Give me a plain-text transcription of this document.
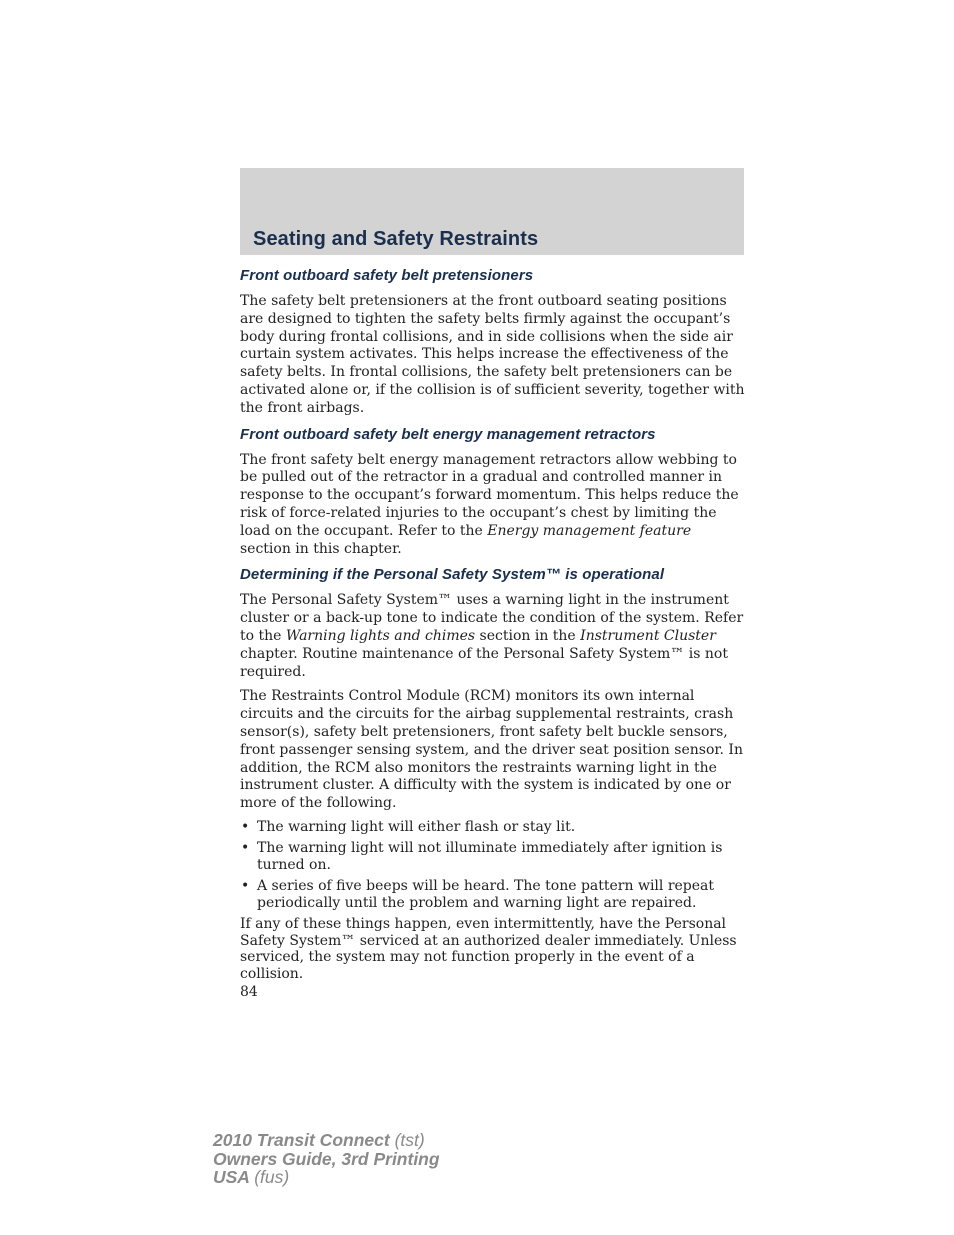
Seating and Safety Restraints
Front outboard safety belt pretensioners

The safety belt pretensioners at the front outboard seating positions are designed to tighten the safety belts firmly against the occupant’s body during frontal collisions, and in side collisions when the side air curtain system activates. This helps increase the effectiveness of the safety belts. In frontal collisions, the safety belt pretensioners can be activated alone or, if the collision is of sufficient severity, together with the front airbags.

Front outboard safety belt energy management retractors

The front safety belt energy management retractors allow webbing to be pulled out of the retractor in a gradual and controlled manner in response to the occupant’s forward momentum. This helps reduce the risk of force-related injuries to the occupant’s chest by limiting the load on the occupant. Refer to the Energy management feature section in this chapter.

Determining if the Personal Safety System™ is operational

The Personal Safety System™ uses a warning light in the instrument cluster or a back-up tone to indicate the condition of the system. Refer to the Warning lights and chimes section in the Instrument Cluster chapter. Routine maintenance of the Personal Safety System™ is not required.

The Restraints Control Module (RCM) monitors its own internal circuits and the circuits for the airbag supplemental restraints, crash sensor(s), safety belt pretensioners, front safety belt buckle sensors, front passenger sensing system, and the driver seat position sensor. In addition, the RCM also monitors the restraints warning light in the instrument cluster. A difficulty with the system is indicated by one or more of the following.

• The warning light will either flash or stay lit.
• The warning light will not illuminate immediately after ignition is turned on.
• A series of five beeps will be heard. The tone pattern will repeat periodically until the problem and warning light are repaired.

If any of these things happen, even intermittently, have the Personal Safety System™ serviced at an authorized dealer immediately. Unless serviced, the system may not function properly in the event of a collision.

84
2010 Transit Connect (tst)
Owners Guide, 3rd Printing
USA (fus)
